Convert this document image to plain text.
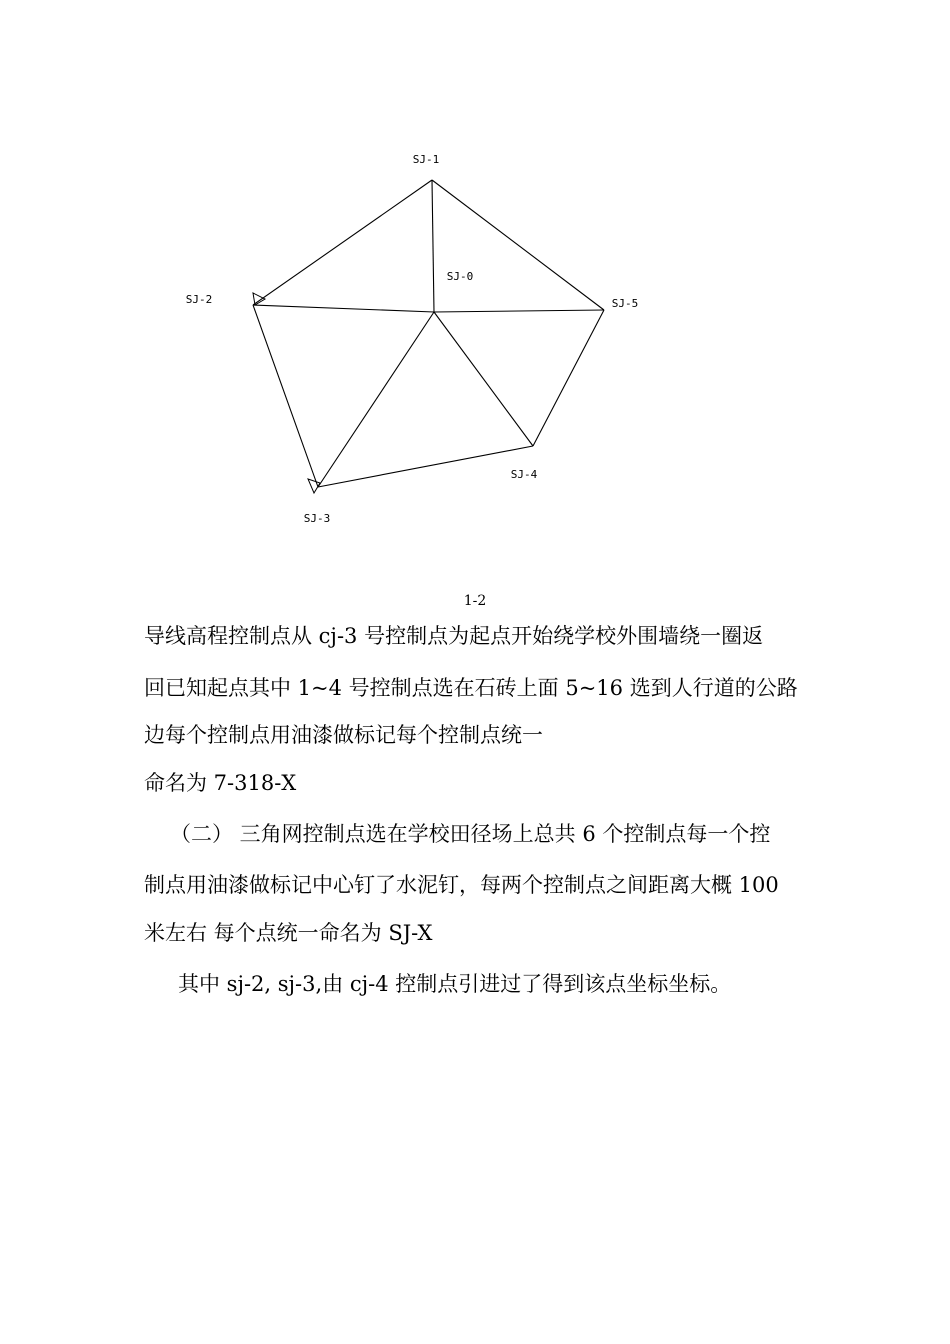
SJ-1
SJ-2
SJ-3
SJ-4
SJ-5
SJ-0
1-2
导线高程控制点从 cj-3 号控制点为起点开始绕学校外围墙绕一圈返
回已知起点其中 1~4 号控制点选在石砖上面 5~16 选到人行道的公路
边每个控制点用油漆做标记每个控制点统一
命名为 7-318-X
（二） 三角网控制点选在学校田径场上总共 6 个控制点每一个控
制点用油漆做标记中心钉了水泥钉，每两个控制点之间距离大概 100
米左右 每个点统一命名为 SJ-X
其中 sj-2, sj-3,由 cj-4 控制点引进过了得到该点坐标坐标。
